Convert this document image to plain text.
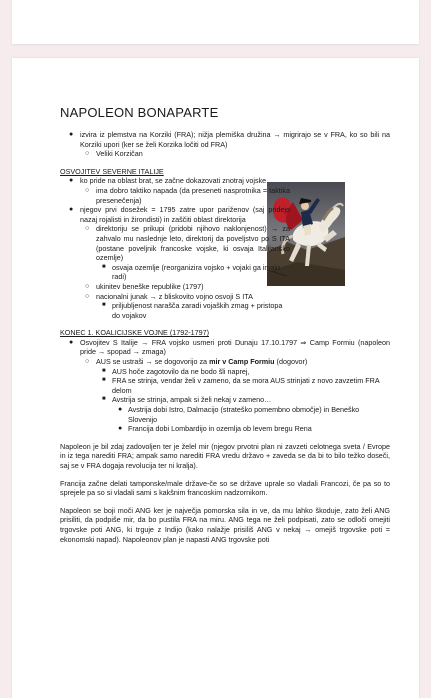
NAPOLEON BONAPARTE
● izvira iz plemstva na Korziki (FRA); nižja plemiška družina → migrirajo se v FRA, ko so bili na Korziki upori (ker se želi Korzika ločiti od FRA)
○ Veliki Korzičan
OSVOJITEV SEVERNE ITALIJE
● ko pride na oblast brat, se začne dokazovati znotraj vojske
○ ima dobro taktiko napada (da preseneti nasprotnika = taktika presenečenja)
● njegov prvi dosežek = 1795 zatre upor pariženov (saj pridejo nazaj rojalisti in žirondisti) in zaščiti oblast direktorija
○ direktoriju se prikupi (pridobi njihovo naklonjenost) → za zahvalo mu naslednje leto, direktorij da poveljstvo po S ITA (postane poveljnik francoske vojske, ki osvaja Italijansko ozemlje)
■ osvaja ozemlje (reorganizira vojsko + vojaki ga imajo radi)
○ ukinitev beneške republike (1797)
○ nacionalni junak → z bliskovito vojno osvoji S ITA
■ priljubljenost narašča zaradi vojaških zmag + pristopa do vojakov
KONEC 1. KOALICIJSKE VOJNE (1792-1797)
● Osvojitev S Italije → FRA vojsko usmeri proti Dunaju 17.10.1797 ⇒ Camp Formiu (napoleon pride → spopad → zmaga)
○ AUS se ustraši → se dogovorijo za mir v Camp Formiu (dogovor)
■ AUS hoče zagotovilo da ne bodo šli naprej,
■ FRA se strinja, vendar želi v zameno, da se mora AUS strinjati z novo zavzetim FRA delom
■ Avstrija se strinja, ampak si želi nekaj v zameno…
● Avstrija dobi Istro, Dalmacijo (strateško pomembno območje) in Beneško Slovenijo
● Francija dobi Lombardijo in ozemlja ob levem bregu Rena

Napoleon je bil zdaj zadovoljen ter je želel mir (njegov prvotni plan ni zavzeti celotnega sveta / Evrope in iz tega narediti FRA; ampak samo narediti FRA vredu državo + zaveda se da bi to bilo težko doseči, saj se v FRA dogaja revolucija ter ni kralja).

Francija začne delati tamponske/male države-če so se države uprale so vladali Francozi, če pa so to sprejele pa so si vladali sami s kakšnim francoskim nadzornikom.

Napoleon se boji moči ANG ker je največja pomorska sila in ve, da mu lahko škoduje, zato želi ANG prisiliti, da podpiše mir, da bo pustila FRA na miru. ANG tega ne želi podpisati, zato se odloči omejiti trgovske poti ANG, ki trguje z Indijo (kako nalažje prisiliš ANG v nekaj → omejiš trgovske poti = ekonomski napad). Napoleonov plan je napasti ANG trgovske poti
